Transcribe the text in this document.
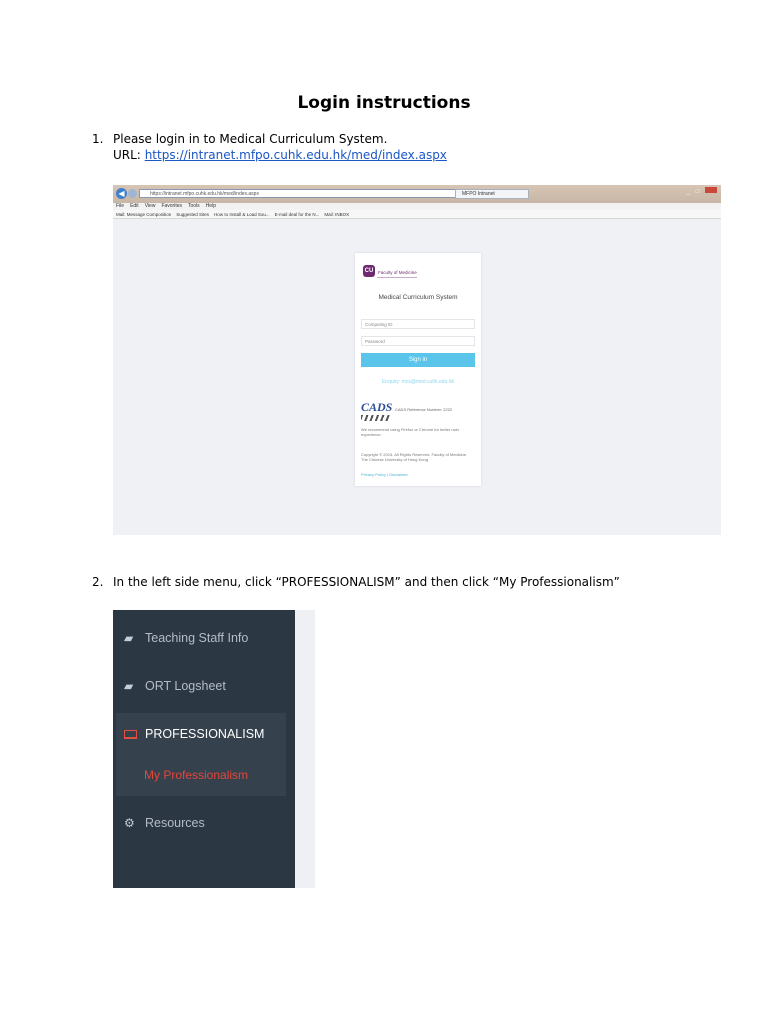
Login instructions
1. Please login in to Medical Curriculum System.
URL: https://intranet.mfpo.cuhk.edu.hk/med/index.aspx
◀	https://intranet.mfpo.cuhk.edu.hk/med/index.aspx	MFPO Intranet	_ □
File Edit View Favorites Tools Help
Mail: Message Composition Suggested Sites How to Install & Load Sou... E-mail deal for the N... Mail: INBOX
CU	Faculty of Medicine
Medical Curriculum System
Computing ID
Password
Sign in
Enquiry: mcs@med.cuhk.edu.hk
CADS CADS Reference Number: 2222
We recommend using Firefox or Chrome for better user experience.
Copyright © 2015. All Rights Reserved. Faculty of Medicine, The Chinese University of Hong Kong
Privacy Policy | Disclaimer
2. In the left side menu, click “PROFESSIONALISM” and then click “My Professionalism”
▰ Teaching Staff Info
▰ ORT Logsheet
PROFESSIONALISM
My Professionalism
⚙ Resources
